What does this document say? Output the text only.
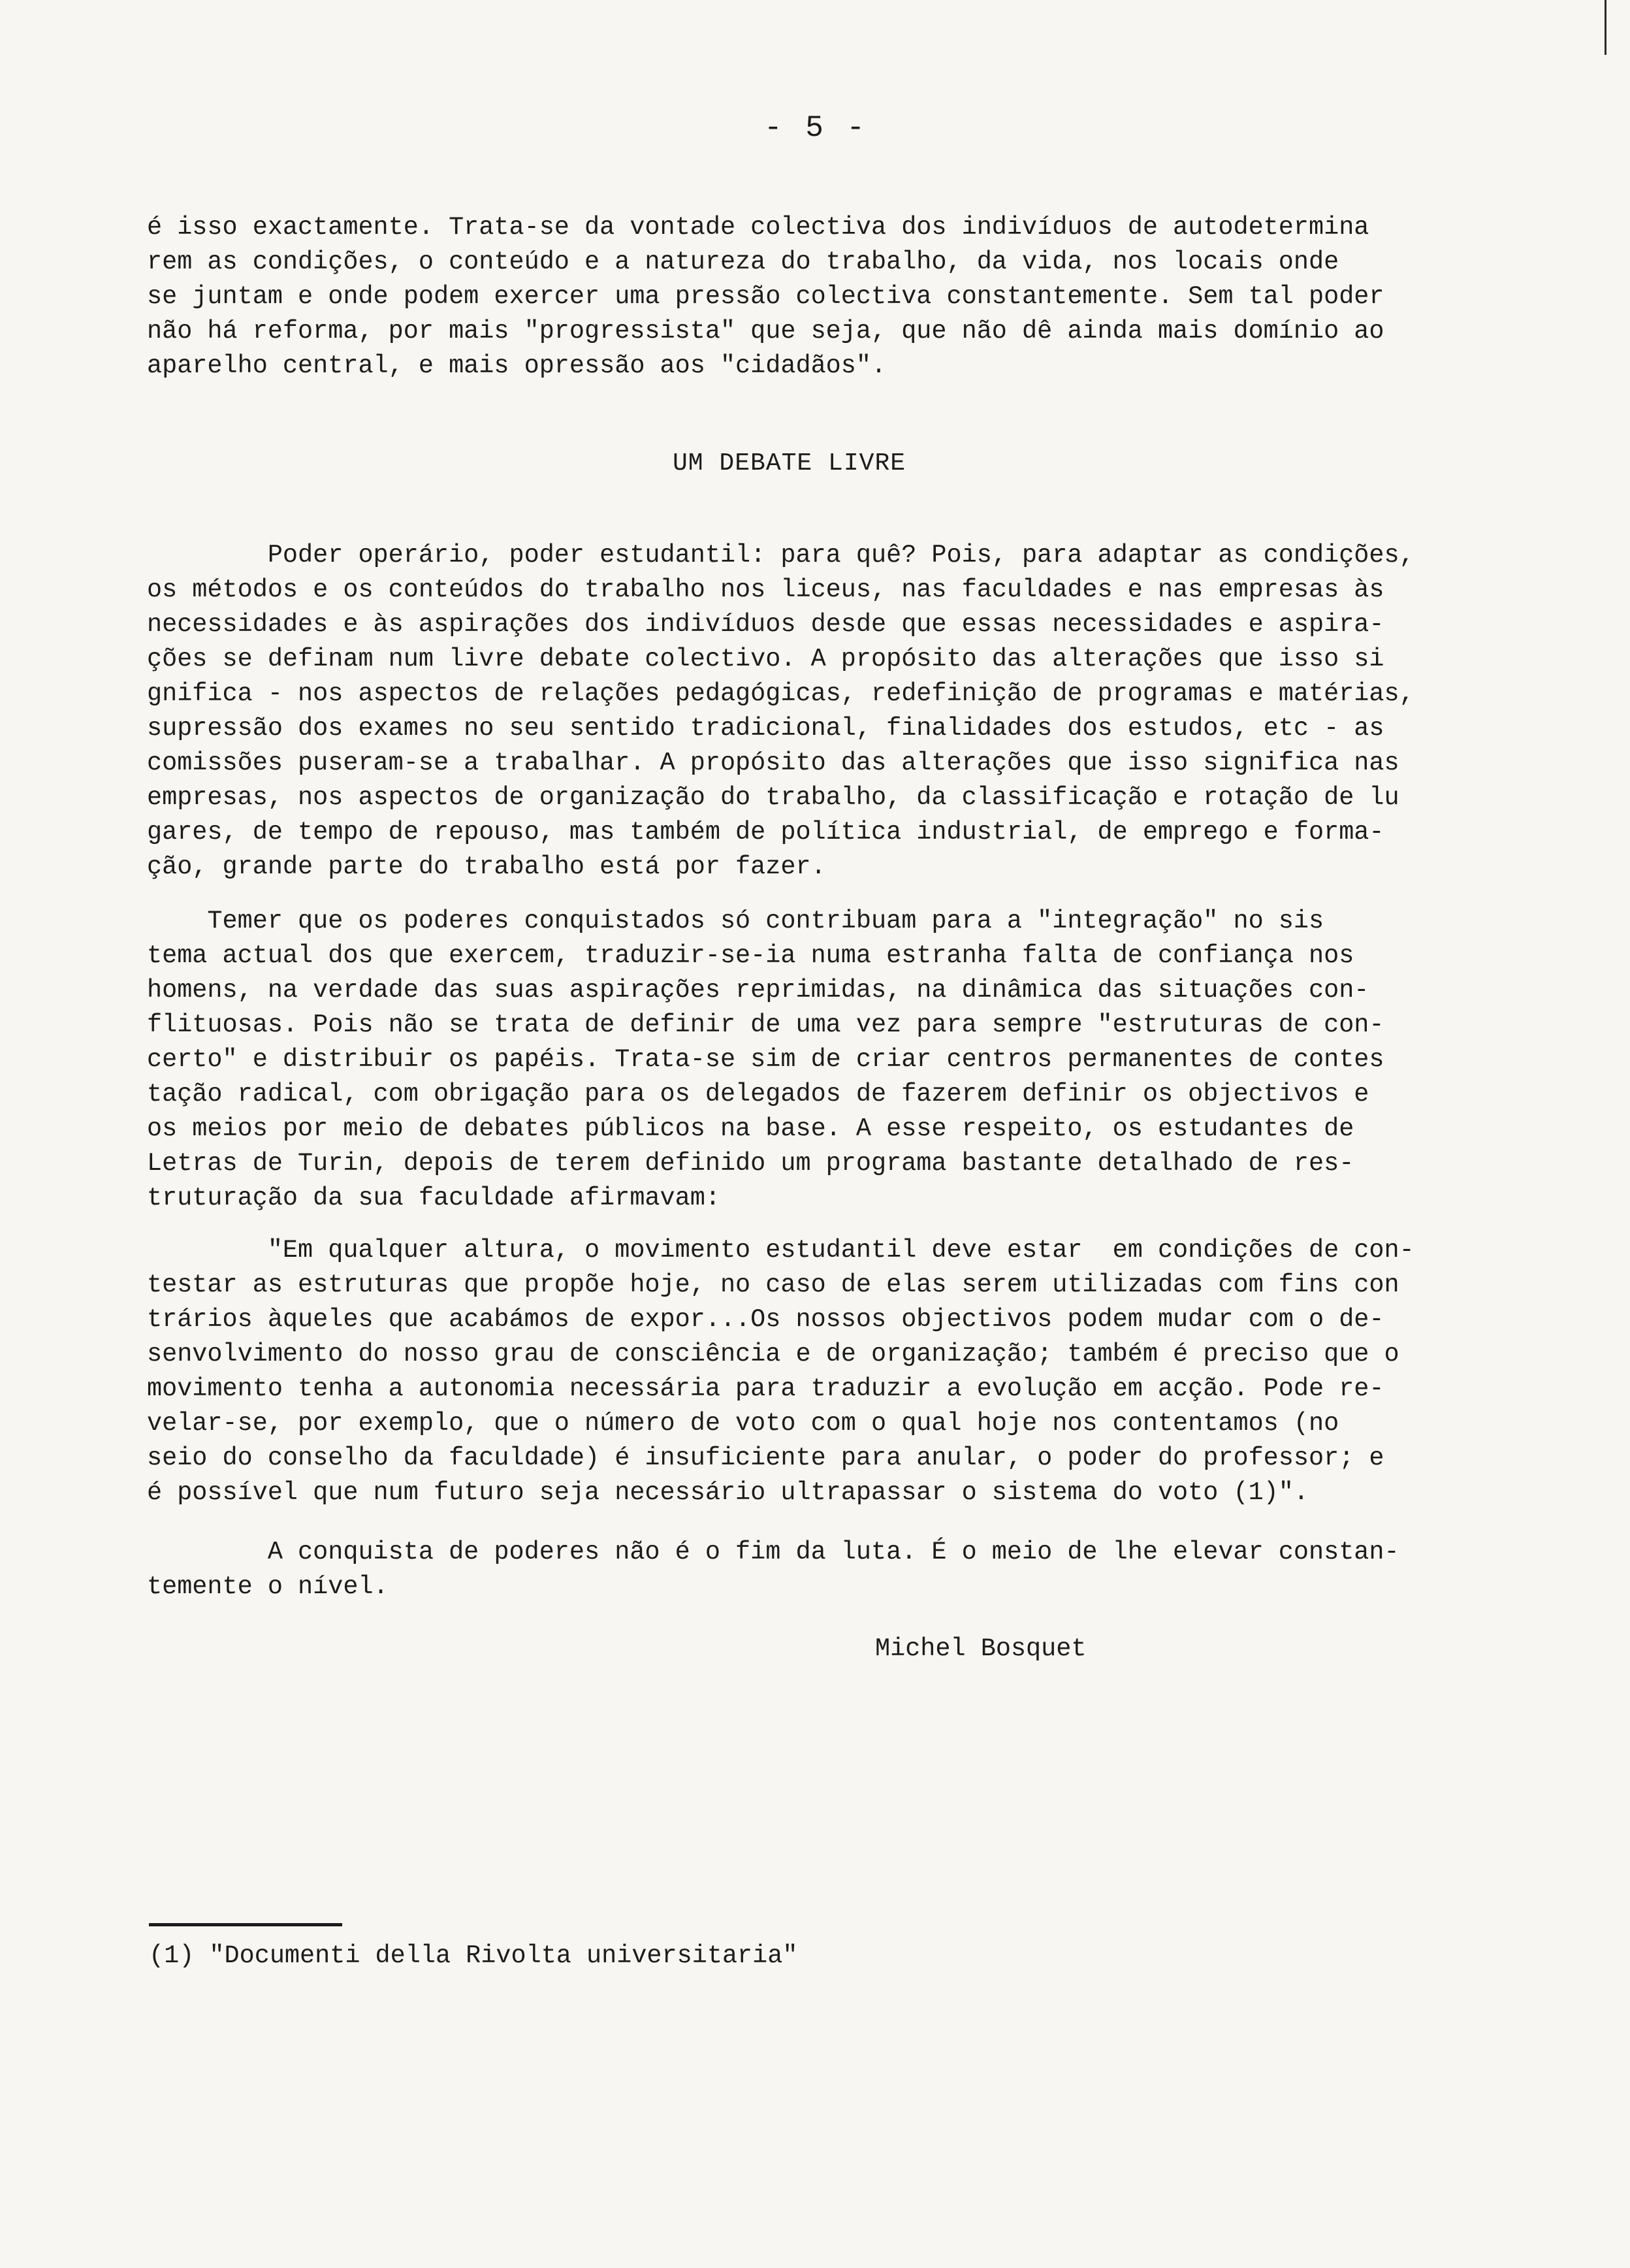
- 5 -
é isso exactamente. Trata-se da vontade colectiva dos indivíduos de autodetermina
rem as condições, o conteúdo e a natureza do trabalho, da vida, nos locais onde
se juntam e onde podem exercer uma pressão colectiva constantemente. Sem tal poder
não há reforma, por mais "progressista" que seja, que não dê ainda mais domínio ao
aparelho central, e mais opressão aos "cidadãos".
UM DEBATE LIVRE
Poder operário, poder estudantil: para quê? Pois, para adaptar as condições,
os métodos e os conteúdos do trabalho nos liceus, nas faculdades e nas empresas às
necessidades e às aspirações dos indivíduos desde que essas necessidades e aspira-
ções se definam num livre debate colectivo. A propósito das alterações que isso si
gnifica - nos aspectos de relações pedagógicas, redefinição de programas e matérias,
supressão dos exames no seu sentido tradicional, finalidades dos estudos, etc - as
comissões puseram-se a trabalhar. A propósito das alterações que isso significa nas
empresas, nos aspectos de organização do trabalho, da classificação e rotação de lu
gares, de tempo de repouso, mas também de política industrial, de emprego e forma-
ção, grande parte do trabalho está por fazer.
Temer que os poderes conquistados só contribuam para a "integração" no sis
tema actual dos que exercem, traduzir-se-ia numa estranha falta de confiança nos
homens, na verdade das suas aspirações reprimidas, na dinâmica das situações con-
flituosas. Pois não se trata de definir de uma vez para sempre "estruturas de con-
certo" e distribuir os papéis. Trata-se sim de criar centros permanentes de contes
tação radical, com obrigação para os delegados de fazerem definir os objectivos e
os meios por meio de debates públicos na base. A esse respeito, os estudantes de
Letras de Turin, depois de terem definido um programa bastante detalhado de res-
truturação da sua faculdade afirmavam:
"Em qualquer altura, o movimento estudantil deve estar  em condições de con-
testar as estruturas que propõe hoje, no caso de elas serem utilizadas com fins con
trários àqueles que acabámos de expor...Os nossos objectivos podem mudar com o de-
senvolvimento do nosso grau de consciência e de organização; também é preciso que o
movimento tenha a autonomia necessária para traduzir a evolução em acção. Pode re-
velar-se, por exemplo, que o número de voto com o qual hoje nos contentamos (no
seio do conselho da faculdade) é insuficiente para anular, o poder do professor; e
é possível que num futuro seja necessário ultrapassar o sistema do voto (1)".
A conquista de poderes não é o fim da luta. É o meio de lhe elevar constan-
temente o nível.
Michel Bosquet
(1) "Documenti della Rivolta universitaria"
